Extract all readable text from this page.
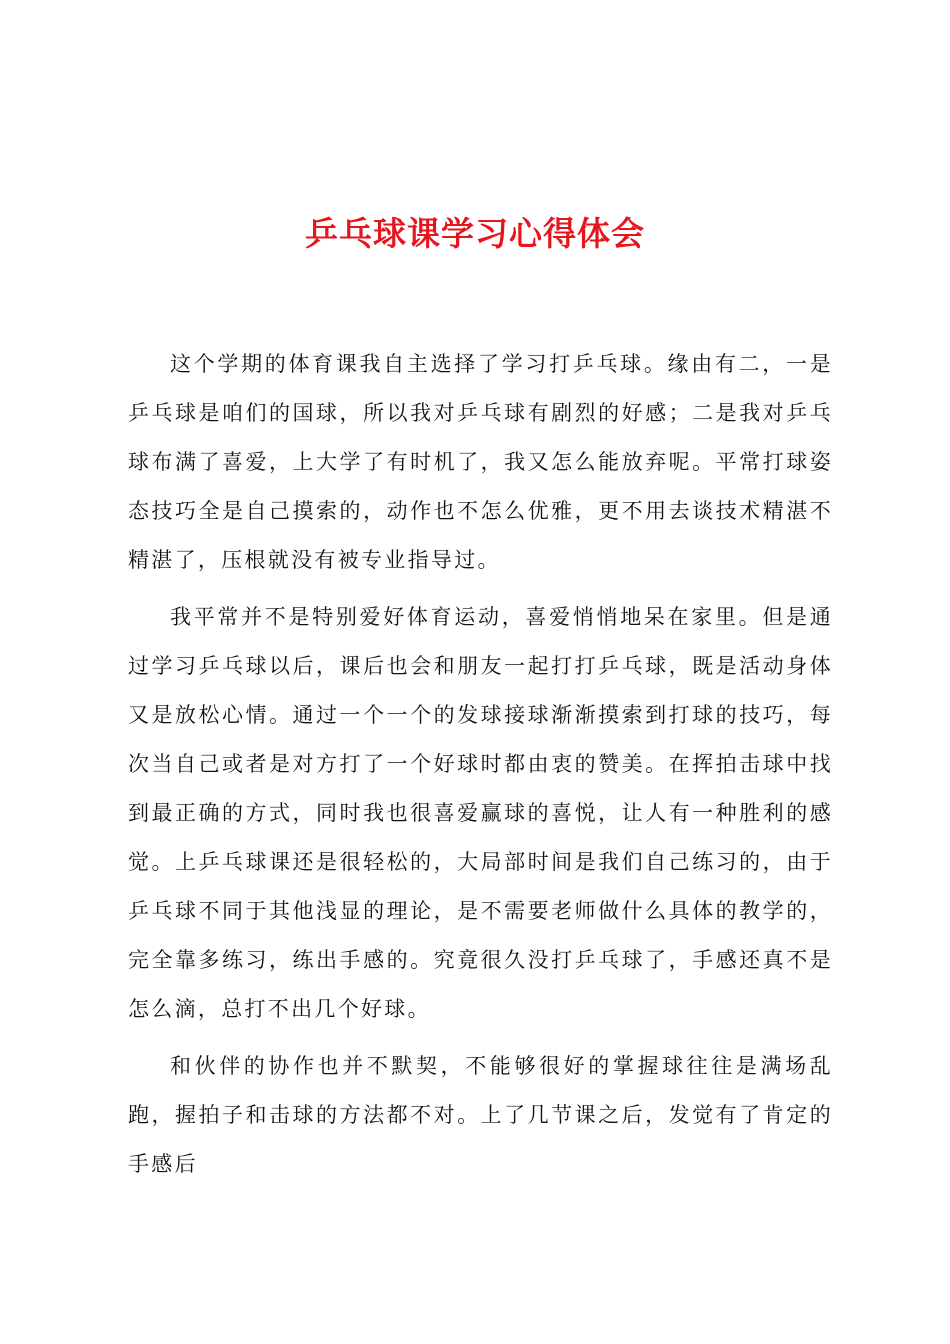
乒乓球课学习心得体会

这个学期的体育课我自主选择了学习打乒乓球。缘由有二，一是乒乓球是咱们的国球，所以我对乒乓球有剧烈的好感；二是我对乒乓球布满了喜爱，上大学了有时机了，我又怎么能放弃呢。平常打球姿态技巧全是自己摸索的，动作也不怎么优雅，更不用去谈技术精湛不精湛了，压根就没有被专业指导过。

我平常并不是特别爱好体育运动，喜爱悄悄地呆在家里。但是通过学习乒乓球以后，课后也会和朋友一起打打乒乓球，既是活动身体又是放松心情。通过一个一个的发球接球渐渐摸索到打球的技巧，每次当自己或者是对方打了一个好球时都由衷的赞美。在挥拍击球中找到最正确的方式，同时我也很喜爱赢球的喜悦，让人有一种胜利的感觉。上乒乓球课还是很轻松的，大局部时间是我们自己练习的，由于乒乓球不同于其他浅显的理论，是不需要老师做什么具体的教学的，完全靠多练习，练出手感的。究竟很久没打乒乓球了，手感还真不是怎么滴，总打不出几个好球。

和伙伴的协作也并不默契，不能够很好的掌握球往往是满场乱跑，握拍子和击球的方法都不对。上了几节课之后，发觉有了肯定的手感后
